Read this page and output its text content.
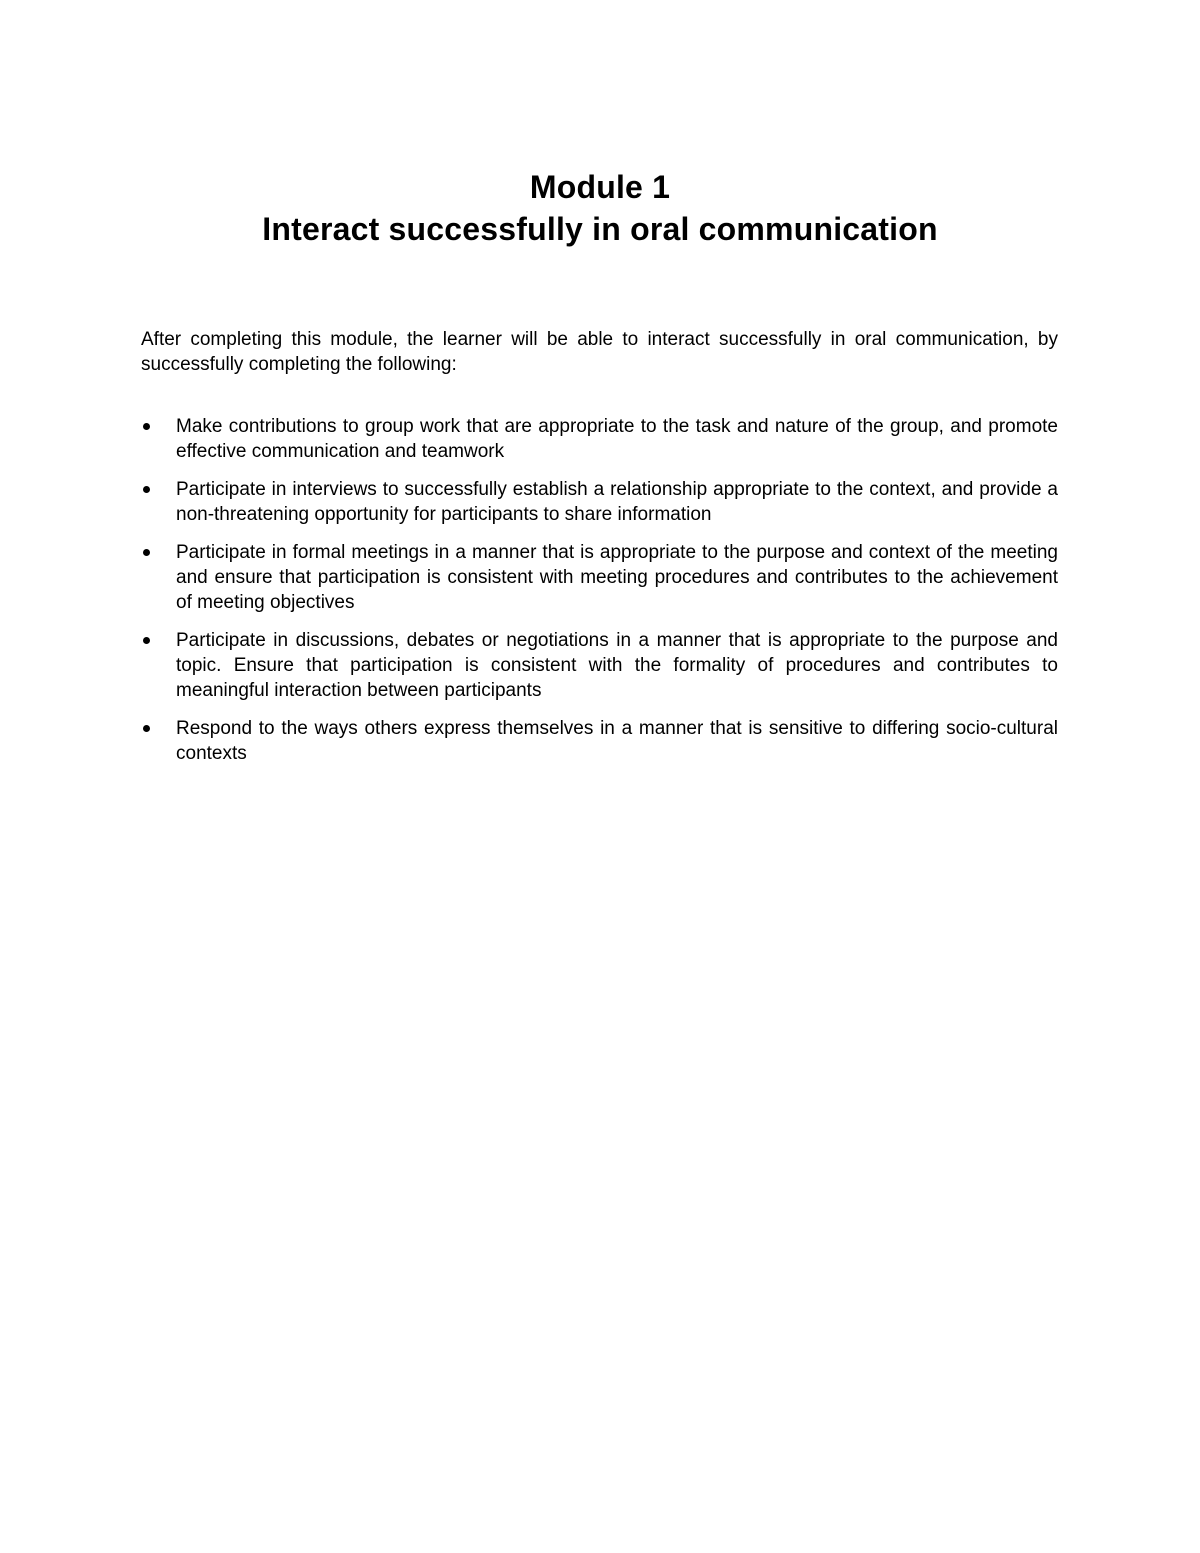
Module 1
Interact successfully in oral communication

After completing this module, the learner will be able to interact successfully in oral communication, by successfully completing the following:

Make contributions to group work that are appropriate to the task and nature of the group, and promote effective communication and teamwork
Participate in interviews to successfully establish a relationship appropriate to the context, and provide a non-threatening opportunity for participants to share information
Participate in formal meetings in a manner that is appropriate to the purpose and context of the meeting and ensure that participation is consistent with meeting procedures and contributes to the achievement of meeting objectives
Participate in discussions, debates or negotiations in a manner that is appropriate to the purpose and topic. Ensure that participation is consistent with the formality of procedures and contributes to meaningful interaction between participants
Respond to the ways others express themselves in a manner that is sensitive to differing socio-cultural contexts
